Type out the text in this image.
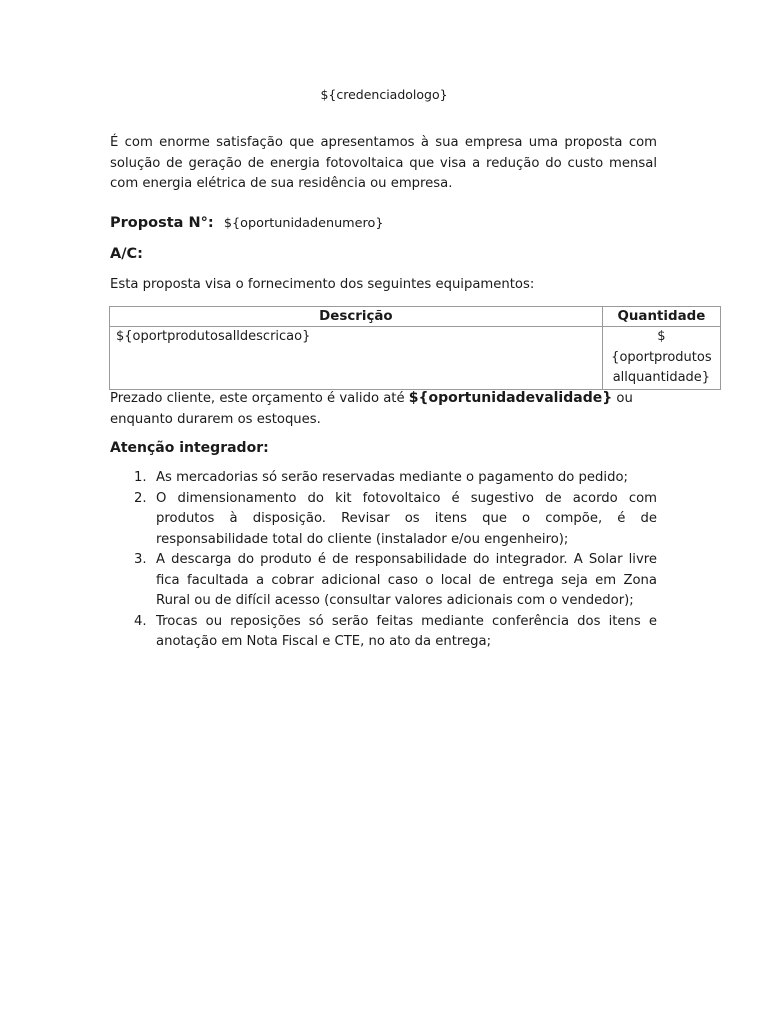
${credenciadologo}

É com enorme satisfação que apresentamos à sua empresa uma proposta com solução de geração de energia fotovoltaica que visa a redução do custo mensal com energia elétrica de sua residência ou empresa.

Proposta N°: ${oportunidadenumero}
A/C:

Esta proposta visa o fornecimento dos seguintes equipamentos:

Descrição	Quantidade
${oportprodutosalldescricao}	$
{oportprodutos
allquantidade}

Prezado cliente, este orçamento é valido até ${oportunidadevalidade} ou enquanto durarem os estoques.

Atenção integrador:
1. As mercadorias só serão reservadas mediante o pagamento do pedido;
2. O dimensionamento do kit fotovoltaico é sugestivo de acordo com produtos à disposição. Revisar os itens que o compõe, é de responsabilidade total do cliente (instalador e/ou engenheiro);
3. A descarga do produto é de responsabilidade do integrador. A Solar livre fica facultada a cobrar adicional caso o local de entrega seja em Zona Rural ou de difícil acesso (consultar valores adicionais com o vendedor);
4. Trocas ou reposições só serão feitas mediante conferência dos itens e anotação em Nota Fiscal e CTE, no ato da entrega;
